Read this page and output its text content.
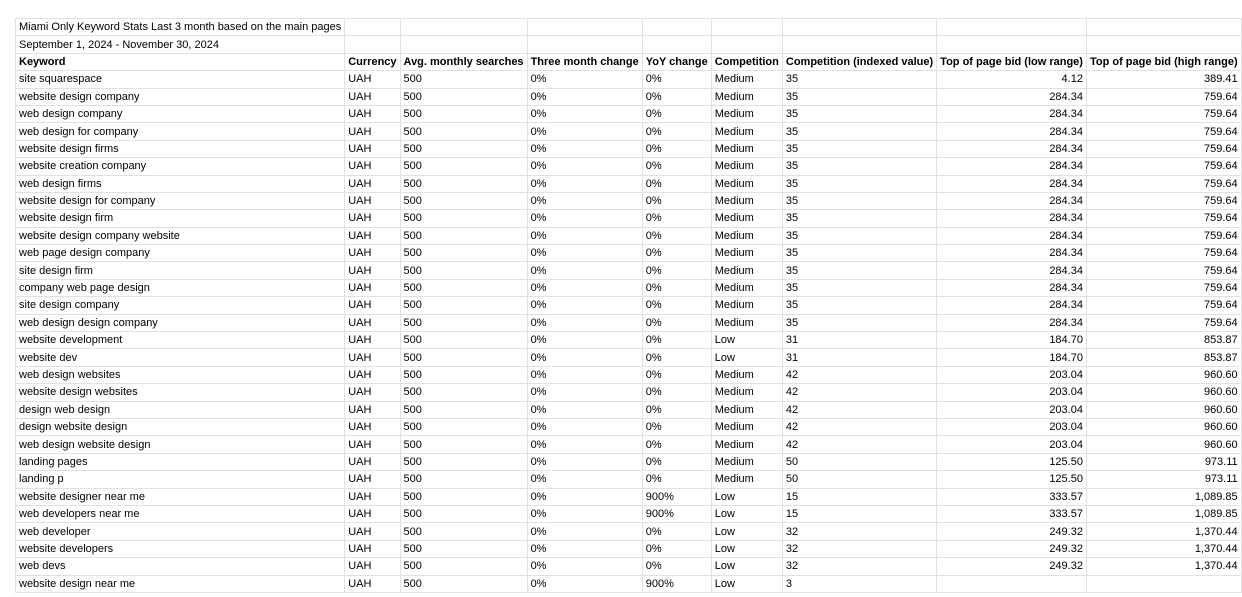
Miami Only Keyword Stats Last 3 month based on the main pages								
September 1, 2024 - November 30, 2024								
Keyword	Currency	Avg. monthly searches	Three month change	YoY change	Competition	Competition (indexed value)	Top of page bid (low range)	Top of page bid (high range)
site squarespace	UAH	500	0%	0%	Medium	35	4.12	389.41
website design company	UAH	500	0%	0%	Medium	35	284.34	759.64
web design company	UAH	500	0%	0%	Medium	35	284.34	759.64
web design for company	UAH	500	0%	0%	Medium	35	284.34	759.64
website design firms	UAH	500	0%	0%	Medium	35	284.34	759.64
website creation company	UAH	500	0%	0%	Medium	35	284.34	759.64
web design firms	UAH	500	0%	0%	Medium	35	284.34	759.64
website design for company	UAH	500	0%	0%	Medium	35	284.34	759.64
website design firm	UAH	500	0%	0%	Medium	35	284.34	759.64
website design company website	UAH	500	0%	0%	Medium	35	284.34	759.64
web page design company	UAH	500	0%	0%	Medium	35	284.34	759.64
site design firm	UAH	500	0%	0%	Medium	35	284.34	759.64
company web page design	UAH	500	0%	0%	Medium	35	284.34	759.64
site design company	UAH	500	0%	0%	Medium	35	284.34	759.64
web design design company	UAH	500	0%	0%	Medium	35	284.34	759.64
website development	UAH	500	0%	0%	Low	31	184.70	853.87
website dev	UAH	500	0%	0%	Low	31	184.70	853.87
web design websites	UAH	500	0%	0%	Medium	42	203.04	960.60
website design websites	UAH	500	0%	0%	Medium	42	203.04	960.60
design web design	UAH	500	0%	0%	Medium	42	203.04	960.60
design website design	UAH	500	0%	0%	Medium	42	203.04	960.60
web design website design	UAH	500	0%	0%	Medium	42	203.04	960.60
landing pages	UAH	500	0%	0%	Medium	50	125.50	973.11
landing p	UAH	500	0%	0%	Medium	50	125.50	973.11
website designer near me	UAH	500	0%	900%	Low	15	333.57	1,089.85
web developers near me	UAH	500	0%	900%	Low	15	333.57	1,089.85
web developer	UAH	500	0%	0%	Low	32	249.32	1,370.44
website developers	UAH	500	0%	0%	Low	32	249.32	1,370.44
web devs	UAH	500	0%	0%	Low	32	249.32	1,370.44
website design near me	UAH	500	0%	900%	Low	3		
